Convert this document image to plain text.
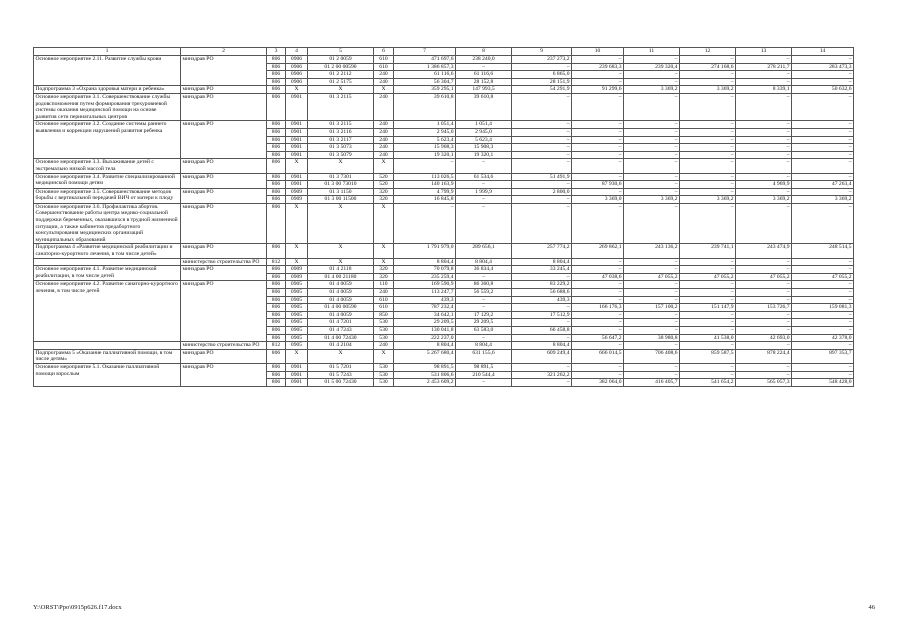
1	2	3	4	5	6	7	8	9	10	11	12	13	14
Основное мероприятие 2.11. Развитие службы крови	минздрав РО	806	0906	01 2 0059	610	471 697,6	238 240,0	237 273,2	–	–	–	–	–
		806	0906	01 2 00 00590	610	1 386 857,3	–	–	239 683,3	239 320,4	274 168,6	278 211,7	283 473,3
		806	0906	01 2 2112	240	61 116,6	61 116,6	6 865,0	–	–	–	–	–
		806	0906	01 2 5175	240	56 304,7	28 152,8	28 151,9	–	–	–	–	–
Подпрограмма 3 «Охрана здоровья матери и ребенка»	минздрав РО	806	Х	Х	Х	359 295,1	147 993,5	54 291,9	91 299,6	3 369,2	3 369,2	8 339,1	50 632,6
Основное мероприятие 3.1. Совершенствование службы родовспоможения путем формирования трехуровневой системы оказания медицинской помощи на основе развития сети перинатальных центров	минздрав РО	806	0901	01 3 2115	240	39 610,8	39 610,8	–	–	–	–	–	–
Основное мероприятие 3.2. Создание системы раннего выявления и коррекции нарушений развития ребенка	минздрав РО	806	0901	01 3 2115	240	1 051,4	1 051,4	–	–	–	–	–	–
		806	0901	01 3 2116	240	2 945,0	2 945,0	–	–	–	–	–	–
		806	0901	01 3 2117	240	5 623,4	5 623,4	–	–	–	–	–	–
		806	0901	01 3 5073	240	15 908,3	15 908,3	–	–	–	–	–	–
		806	0901	01 3 5079	240	19 320,1	19 320,1	–	–	–	–	–	–
Основное мероприятие 3.3. Выхаживание детей с экстремально низкой массой тела	минздрав РО	806	Х	Х	Х	–	–	–	–	–	–	–	–
Основное мероприятие 3.4. Развитие специализированной медицинской помощи детям	минздрав РО	806	0901	01 3 7301	520	113 026,5	61 534,6	51 491,9	–	–	–	–	–
		806	0901	01 3 00 73010	520	140 163,9	–	–	87 930,6	–	–	4 969,9	47 263,4
Основное мероприятие 3.5. Совершенствование методов борьбы с вертикальной передачей ВИЧ от матери к плоду	минздрав РО	806	0909	01 3 1150	320	4 799,9	1 999,9	2 800,0	–	–	–	–	–
		806	0909	01 3 00 11500	320	16 845,8	–	–	3 369,0	3 369,2	3 369,2	3 369,2	3 369,2
Основное мероприятие 3.6. Профилактика абортов. Совершенствование работы центра медико-социальной поддержки беременных, оказавшихся в трудной жизненной ситуации, а также кабинетов предабортного консультирования медицинских организаций муниципальных образований	минздрав РО	806	Х	Х	Х	–	–	–	–	–	–	–	–
Подпрограмма 4 «Развитие медицинской реабилитации и санаторно-курортного лечения, в том числе детей»	минздрав РО	806	Х	Х	Х	1 791 979,0	289 656,1	257 774,2	269 862,1	243 136,2	239 741,1	243 474,9	248 514,5
	министерство строительства РО	812	Х	Х	Х	8 804,4	8 804,4	8 804,4	–	–	–	–	–
Основное мероприятие 4.1. Развитие медицинской реабилитации, в том числе детей	минздрав РО	806	0909	01 4 2118	320	70 079,8	36 834,4	33 245,4	–	–	–	–	–
		806	0909	01 4 00 21180	320	235 259,4	–	–	47 038,6	47 055,2	47 055,2	47 055,2	47 055,2
Основное мероприятие 4.2. Развитие санаторно-курортного лечения, в том числе детей	минздрав РО	806	0905	01 4 0059	110	169 590,9	86 360,8	83 229,2	–	–	–	–	–
		806	0905	01 4 0059	240	113 247,7	56 559,2	56 688,6	–	–	–	–	–
		806	0905	01 4 0059	610	439,3	–	439,3	–	–	–	–	–
		806	0905	01 4 00 00590	610	787 232,4	–	–	166 176,3	157 100,2	151 147,9	153 726,7	159 081,3
		806	0905	01 4 0059	850	34 642,1	17 129,2	17 512,9	–	–	–	–	–
		806	0905	01 4 7201	530	29 209,5	29 209,5	–	–	–	–	–	–
		806	0905	01 4 7243	530	130 041,8	63 583,0	66 458,8	–	–	–	–	–
		806	0905	01 4 00 72430	530	222 237,0	–	–	56 647,2	38 980,8	41 538,0	42 693,0	42 378,0
	министерство строительства РО	812	0905	01 4 2104	240	8 804,4	8 804,4	8 804,4	–	–	–	–	–
Подпрограмма 5 «Оказание паллиативной помощи, в том числе детям»	минздрав РО	806	Х	Х	Х	5 267 680,4	631 155,6	609 249,4	666 014,5	706 408,6	859 587,5	878 224,4	897 353,7
Основное мероприятие 5.1. Оказание паллиативной помощи взрослым	минздрав РО	806	0901	01 5 7201	530	98 891,5	98 891,5	–	–	–	–	–	–
		806	0901	01 5 7243	530	531 806,6	210 544,4	321 262,2	–	–	–	–	–
		806	0901	01 5 00 72430	530	2 453 609,2	–	–	382 064,0	416 405,7	541 654,2	565 057,3	548 428,0
Y:\ORST\Ppo\0915p626.f17.docx	46
